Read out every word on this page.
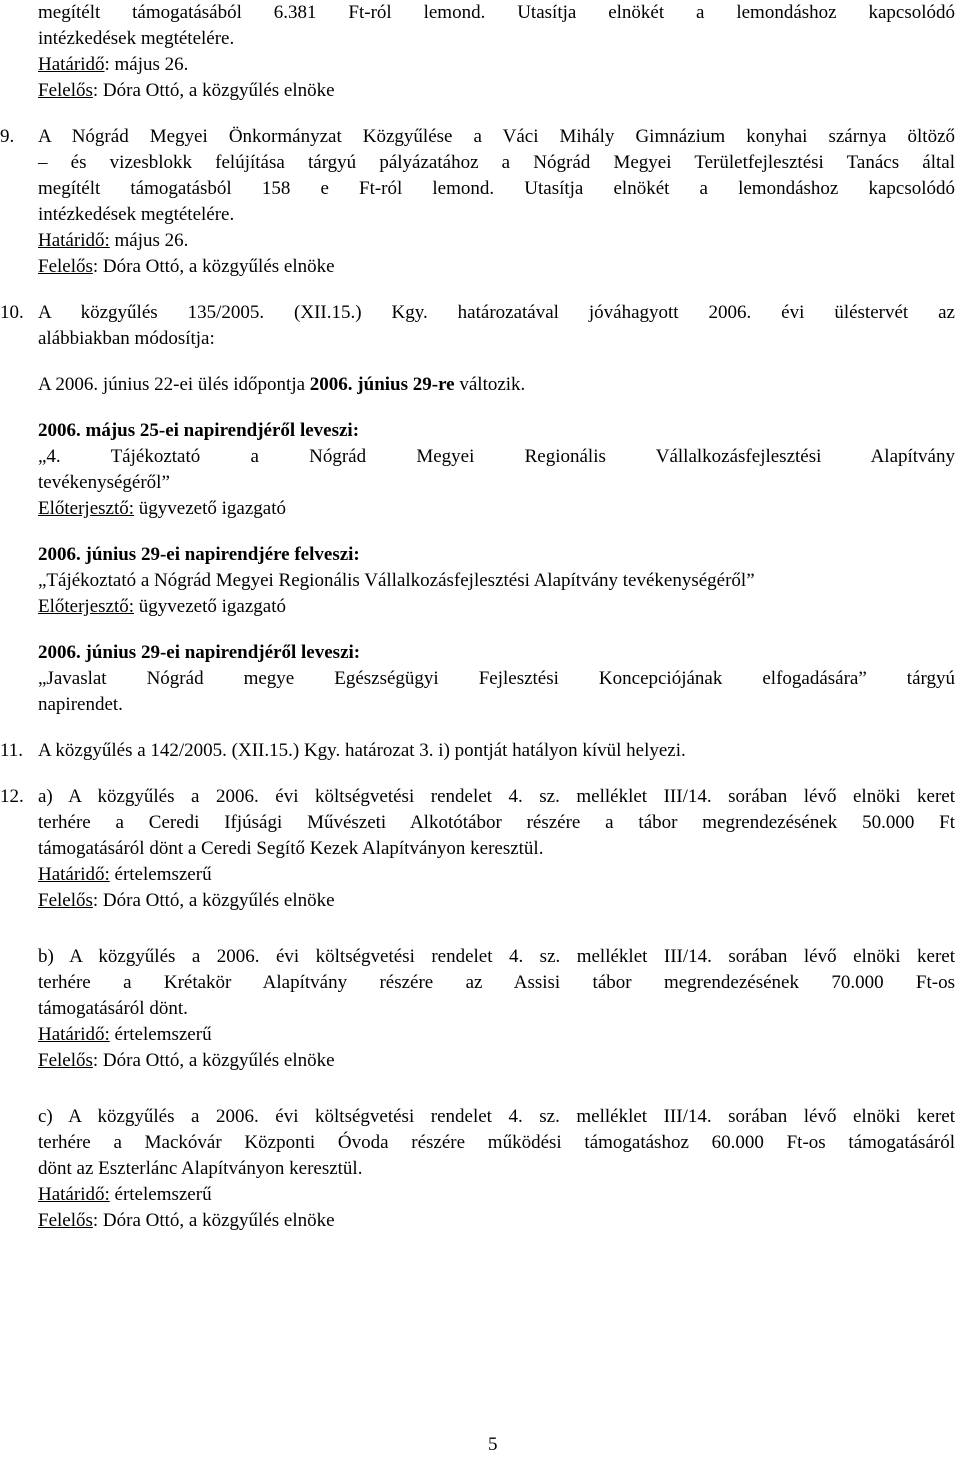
megítélt támogatásából 6.381 Ft-ról lemond. Utasítja elnökét a lemondáshoz kapcsolódó
intézkedések megtételére.
Határidő: május 26.
Felelős: Dóra Ottó, a közgyűlés elnöke
9. A Nógrád Megyei Önkormányzat Közgyűlése a Váci Mihály Gimnázium konyhai szárnya öltöző
– és vizesblokk felújítása tárgyú pályázatához a Nógrád Megyei Területfejlesztési Tanács által
megítélt támogatásból 158 e Ft-ról lemond. Utasítja elnökét a lemondáshoz kapcsolódó
intézkedések megtételére.
Határidő: május 26.
Felelős: Dóra Ottó, a közgyűlés elnöke
10. A közgyűlés 135/2005. (XII.15.) Kgy. határozatával jóváhagyott 2006. évi üléstervét az
alábbiakban módosítja:
A 2006. június 22-ei ülés időpontja 2006. június 29-re változik.
2006. május 25-ei napirendjéről leveszi:
„4. Tájékoztató a Nógrád Megyei Regionális Vállalkozásfejlesztési Alapítvány
tevékenységéről”
Előterjesztő: ügyvezető igazgató
2006. június 29-ei napirendjére felveszi:
„Tájékoztató a Nógrád Megyei Regionális Vállalkozásfejlesztési Alapítvány tevékenységéről”
Előterjesztő: ügyvezető igazgató
2006. június 29-ei napirendjéről leveszi:
„Javaslat Nógrád megye Egészségügyi Fejlesztési Koncepciójának elfogadására” tárgyú
napirendet.
11. A közgyűlés a 142/2005. (XII.15.) Kgy. határozat 3. i) pontját hatályon kívül helyezi.
12. a) A közgyűlés a 2006. évi költségvetési rendelet 4. sz. melléklet III/14. sorában lévő elnöki keret
terhére a Ceredi Ifjúsági Művészeti Alkotótábor részére a tábor megrendezésének 50.000 Ft
támogatásáról dönt a Ceredi Segítő Kezek Alapítványon keresztül.
Határidő: értelemszerű
Felelős: Dóra Ottó, a közgyűlés elnöke
b) A közgyűlés a 2006. évi költségvetési rendelet 4. sz. melléklet III/14. sorában lévő elnöki keret
terhére a Krétakör Alapítvány részére az Assisi tábor megrendezésének 70.000 Ft-os
támogatásáról dönt.
Határidő: értelemszerű
Felelős: Dóra Ottó, a közgyűlés elnöke
c) A közgyűlés a 2006. évi költségvetési rendelet 4. sz. melléklet III/14. sorában lévő elnöki keret
terhére a Mackóvár Központi Óvoda részére működési támogatáshoz 60.000 Ft-os támogatásáról
dönt az Eszterlánc Alapítványon keresztül.
Határidő: értelemszerű
Felelős: Dóra Ottó, a közgyűlés elnöke
5
